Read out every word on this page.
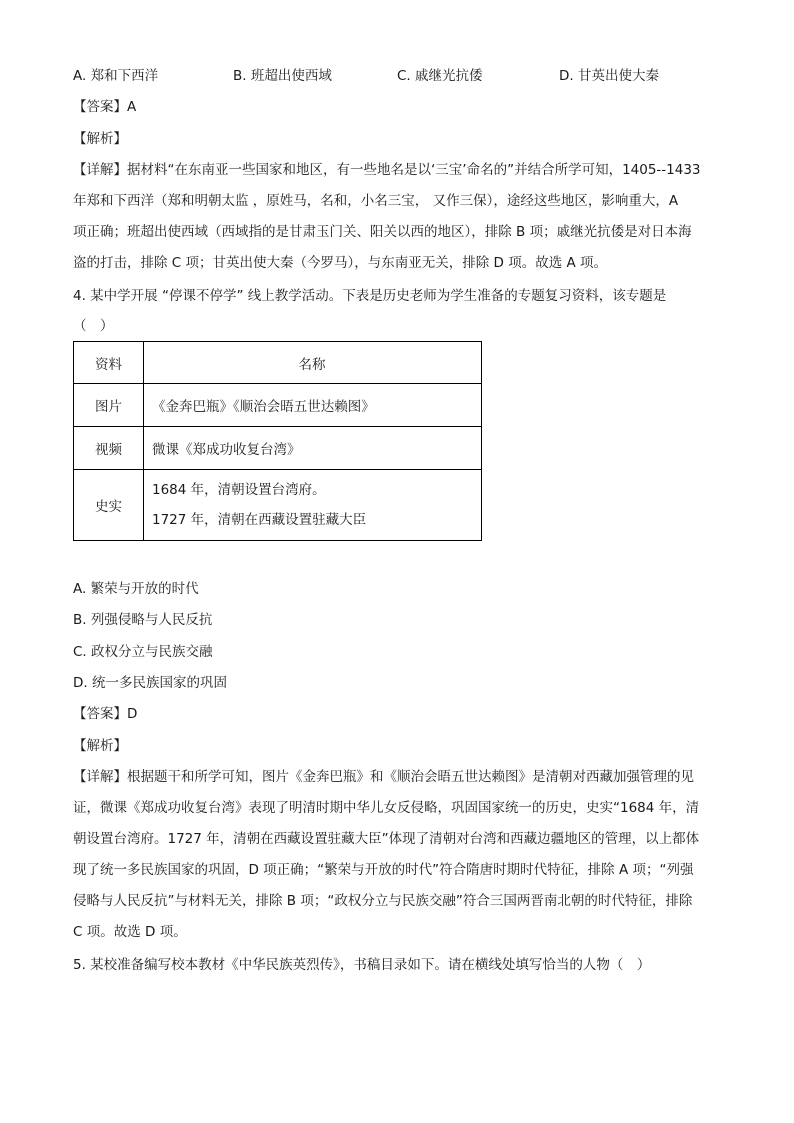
A. 郑和下西洋	B. 班超出使西域	C. 戚继光抗倭	D. 甘英出使大秦
【答案】A
【解析】
【详解】据材料“在东南亚一些国家和地区，有一些地名是以‘三宝’命名的”并结合所学可知，1405--1433
年郑和下西洋（郑和明朝太监 ，原姓马，名和，小名三宝， 又作三保），途经这些地区，影响重大，A
项正确；班超出使西域（西域指的是甘肃玉门关、阳关以西的地区），排除 B 项；戚继光抗倭是对日本海
盗的打击，排除 C 项；甘英出使大秦（今罗马），与东南亚无关，排除 D 项。故选 A 项。
4. 某中学开展 “停课不停学” 线上教学活动。下表是历史老师为学生准备的专题复习资料，该专题是
（　）
资料	名称
图片	《金奔巴瓶》《顺治会晤五世达赖图》
视频	微课《郑成功收复台湾》
史实	1684 年，清朝设置台湾府。
1727 年，清朝在西藏设置驻藏大臣
A. 繁荣与开放的时代
B. 列强侵略与人民反抗
C. 政权分立与民族交融
D. 统一多民族国家的巩固
【答案】D
【解析】
【详解】根据题干和所学可知，图片《金奔巴瓶》和《顺治会晤五世达赖图》是清朝对西藏加强管理的见
证，微课《郑成功收复台湾》表现了明清时期中华儿女反侵略，巩固国家统一的历史，史实“1684 年，清
朝设置台湾府。1727 年，清朝在西藏设置驻藏大臣”体现了清朝对台湾和西藏边疆地区的管理，以上都体
现了统一多民族国家的巩固，D 项正确；“繁荣与开放的时代”符合隋唐时期时代特征，排除 A 项；“列强
侵略与人民反抗”与材料无关，排除 B 项；“政权分立与民族交融”符合三国两晋南北朝的时代特征，排除
C 项。故选 D 项。
5. 某校准备编写校本教材《中华民族英烈传》，书稿目录如下。请在横线处填写恰当的人物（　）
